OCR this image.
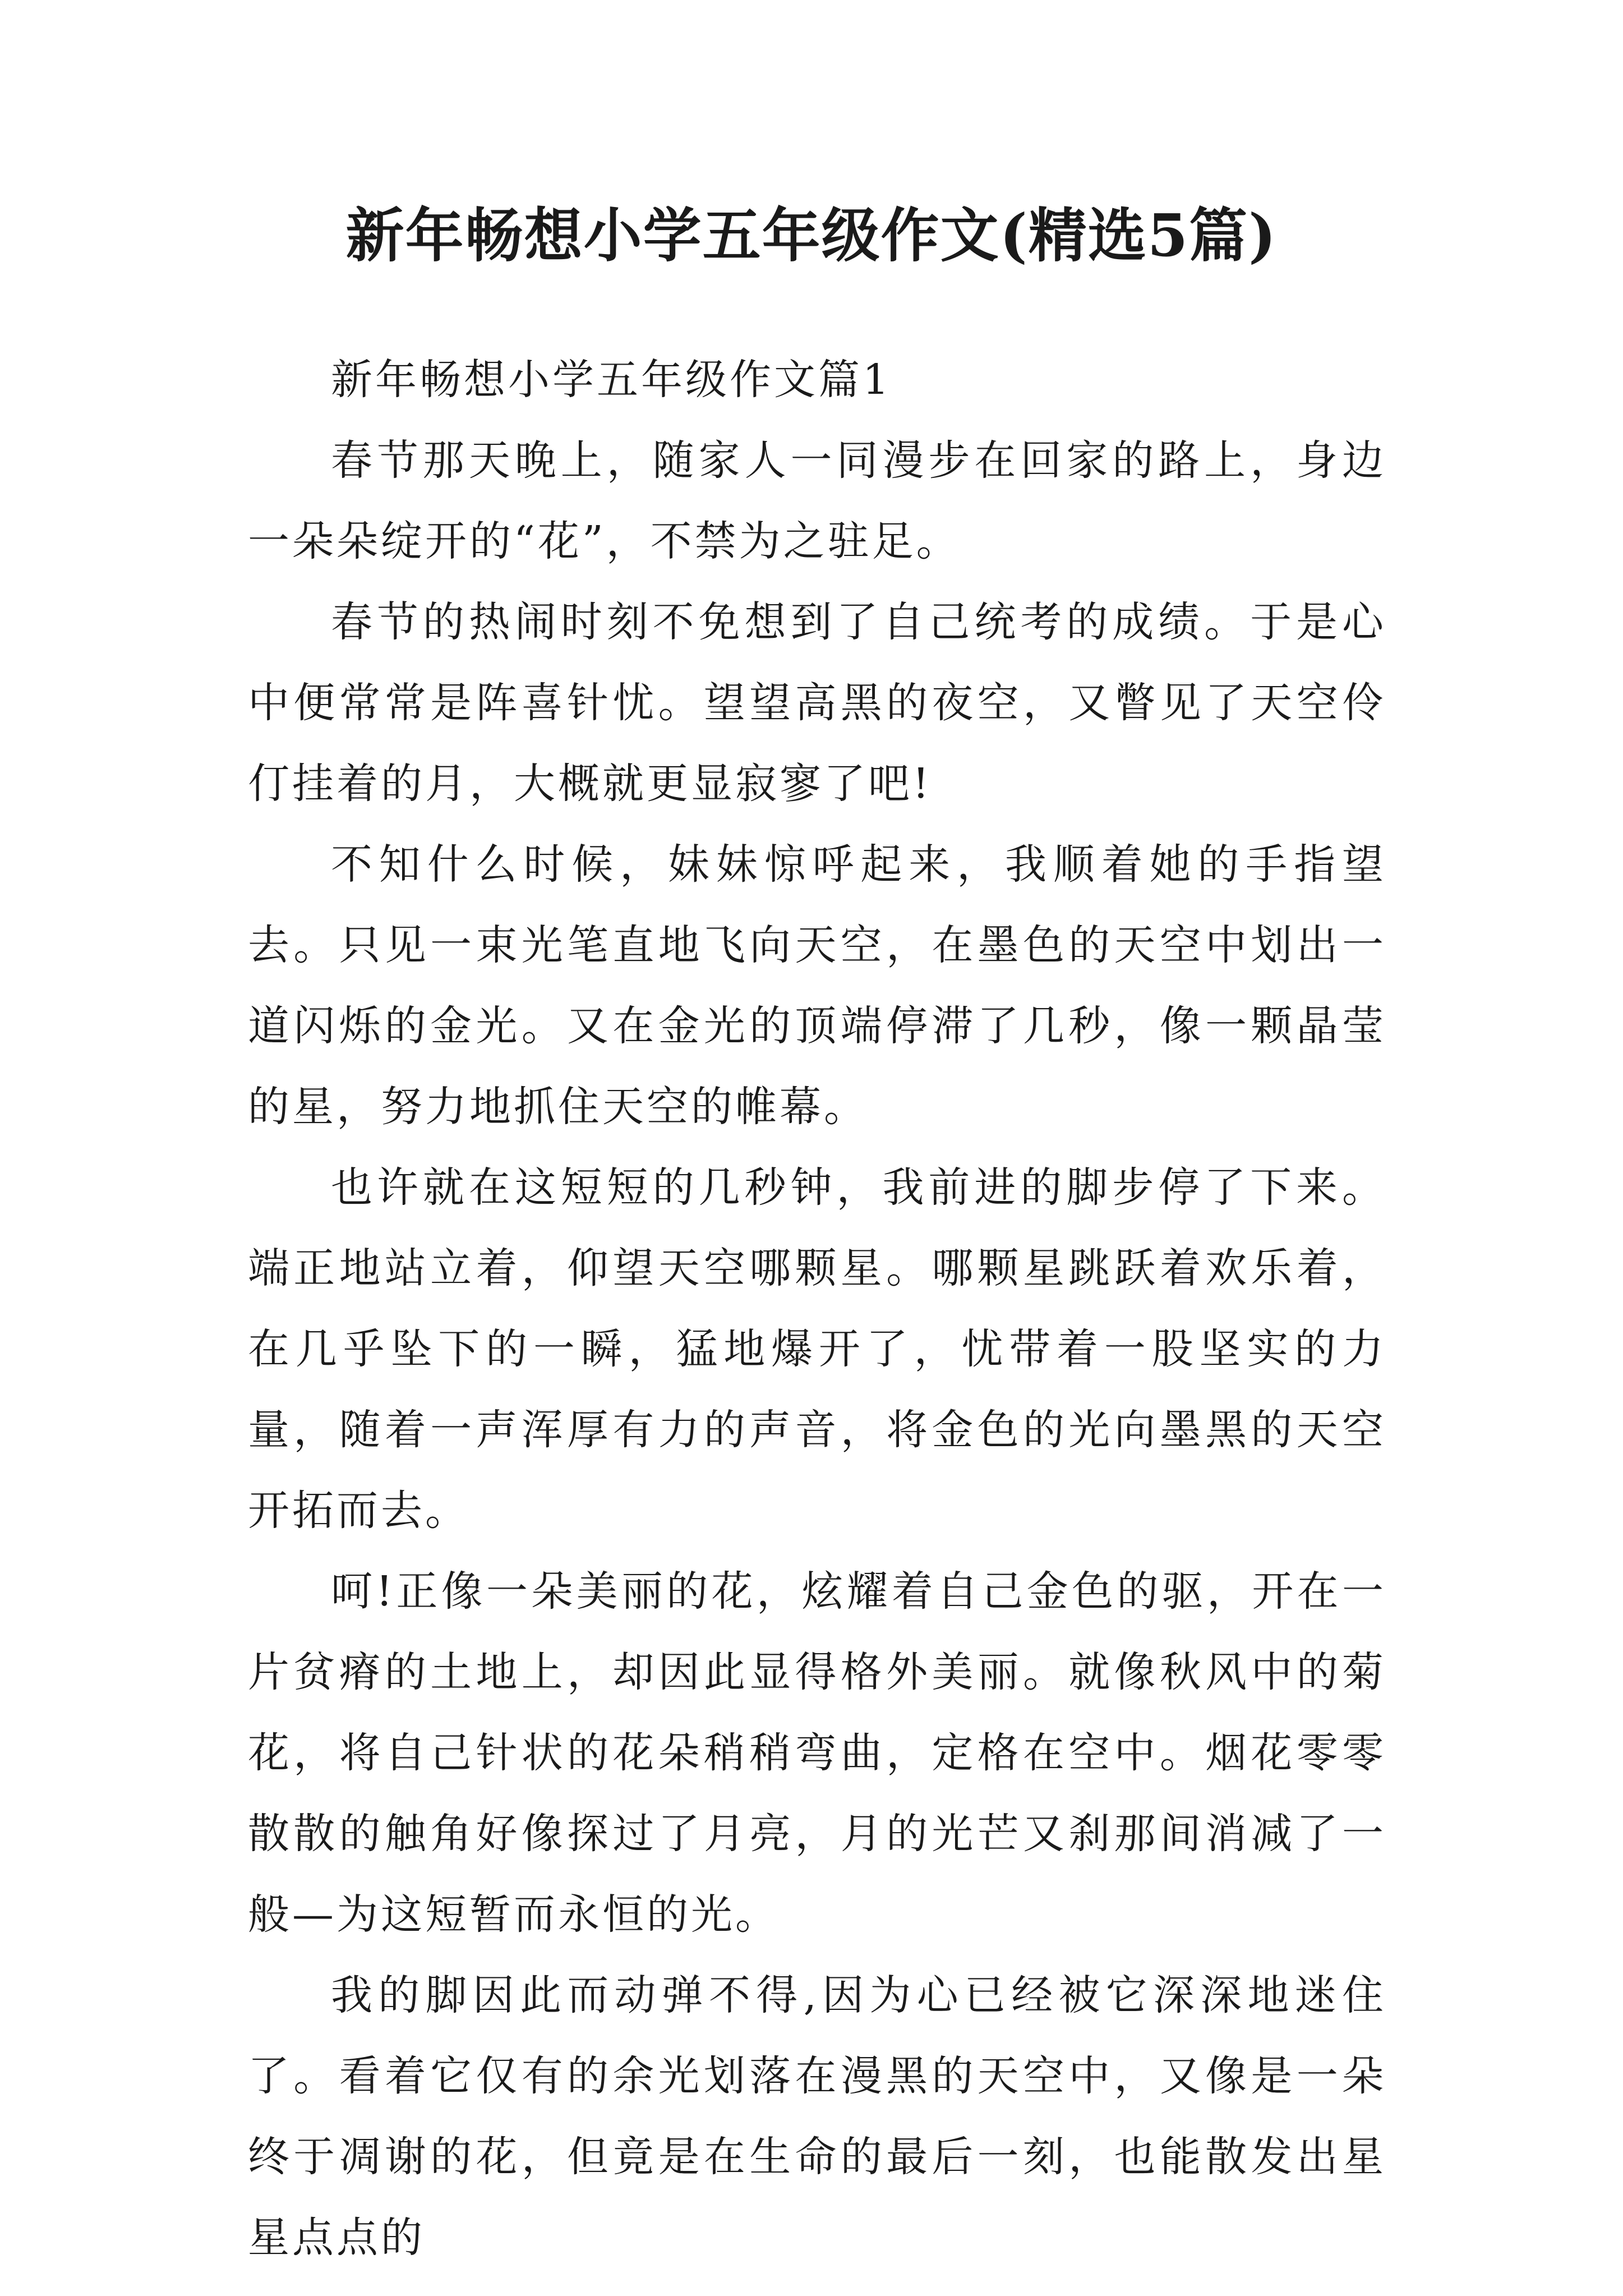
新年畅想小学五年级作文(精选5篇)

新年畅想小学五年级作文篇1

春节那天晚上，随家人一同漫步在回家的路上，身边一朵朵绽开的“花”，不禁为之驻足。

春节的热闹时刻不免想到了自己统考的成绩。于是心中便常常是阵喜针忧。望望高黑的夜空，又瞥见了天空伶仃挂着的月，大概就更显寂寥了吧!

不知什么时候，妹妹惊呼起来，我顺着她的手指望去。只见一束光笔直地飞向天空，在墨色的天空中划出一道闪烁的金光。又在金光的顶端停滞了几秒，像一颗晶莹的星，努力地抓住天空的帷幕。

也许就在这短短的几秒钟，我前进的脚步停了下来。端正地站立着，仰望天空哪颗星。哪颗星跳跃着欢乐着，在几乎坠下的一瞬，猛地爆开了，忧带着一股坚实的力量，随着一声浑厚有力的声音，将金色的光向墨黑的天空开拓而去。

呵!正像一朵美丽的花，炫耀着自己金色的驱，开在一片贫瘠的土地上，却因此显得格外美丽。就像秋风中的菊花，将自己针状的花朵稍稍弯曲，定格在空中。烟花零零散散的触角好像探过了月亮，月的光芒又刹那间消减了一般—为这短暂而永恒的光。

我的脚因此而动弹不得,因为心已经被它深深地迷住了。看着它仅有的余光划落在漫黑的天空中，又像是一朵终于凋谢的花，但竟是在生命的最后一刻，也能散发出星星点点的
